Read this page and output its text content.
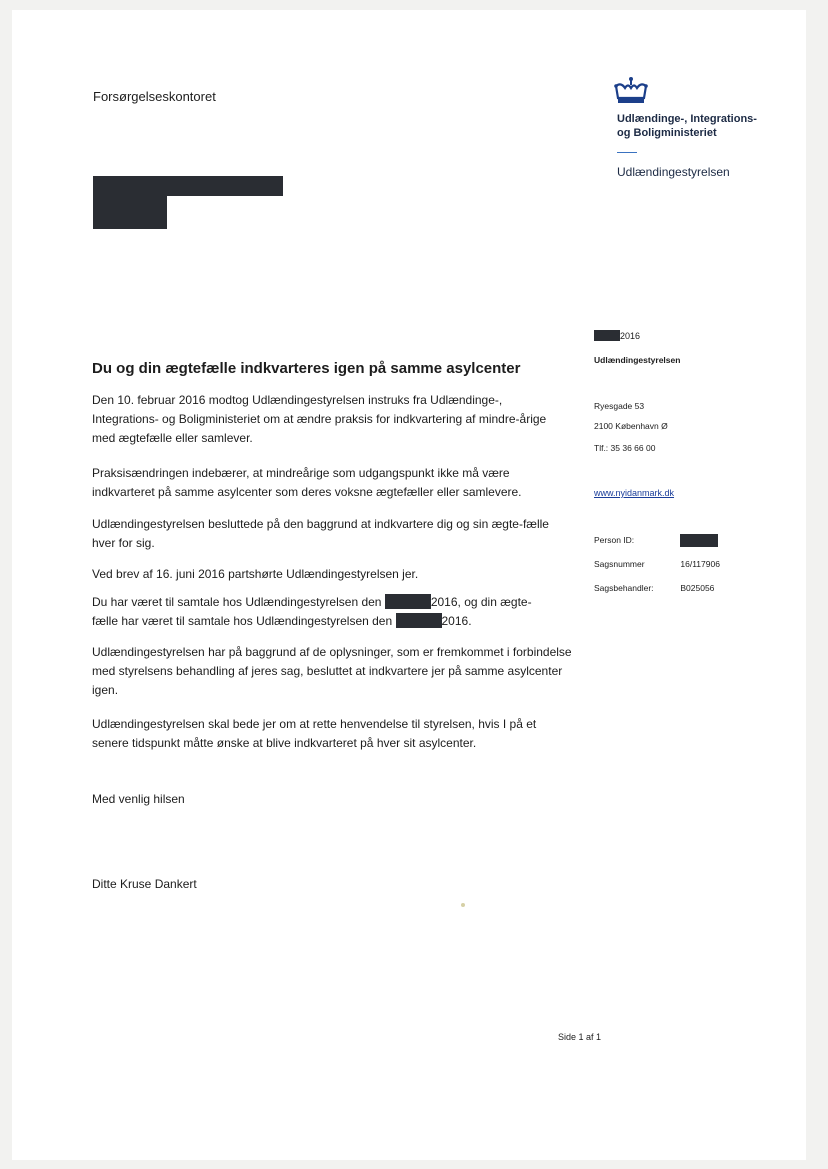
Forsørgelseskontoret
Udlændinge-, Integrations-
og Boligministeriet
Udlændingestyrelsen
2016
Udlændingestyrelsen
Ryesgade 53
2100 København Ø
Tlf.: 35 36 66 00
www.nyidanmark.dk
Person ID:
Sagsnummer	16/117906
Sagsbehandler:	B025056
Du og din ægtefælle indkvarteres igen på samme asylcenter

Den 10. februar 2016 modtog Udlændingestyrelsen instruks fra Udlændinge-, Integrations- og Boligministeriet om at ændre praksis for indkvartering af mindre-årige med ægtefælle eller samlever.

Praksisændringen indebærer, at mindreårige som udgangspunkt ikke må være indkvarteret på samme asylcenter som deres voksne ægtefæller eller samlevere.

Udlændingestyrelsen besluttede på den baggrund at indkvartere dig og sin ægte-fælle hver for sig.

Ved brev af 16. juni 2016 partshørte Udlændingestyrelsen jer.

Du har været til samtale hos Udlændingestyrelsen den	2016, og din ægte-

fælle har været til samtale hos Udlændingestyrelsen den	2016.

Udlændingestyrelsen har på baggrund af de oplysninger, som er fremkommet i forbindelse med styrelsens behandling af jeres sag, besluttet at indkvartere jer på samme asylcenter igen.

Udlændingestyrelsen skal bede jer om at rette henvendelse til styrelsen, hvis I på et senere tidspunkt måtte ønske at blive indkvarteret på hver sit asylcenter.

Med venlig hilsen
Ditte Kruse Dankert
Side 1 af 1
